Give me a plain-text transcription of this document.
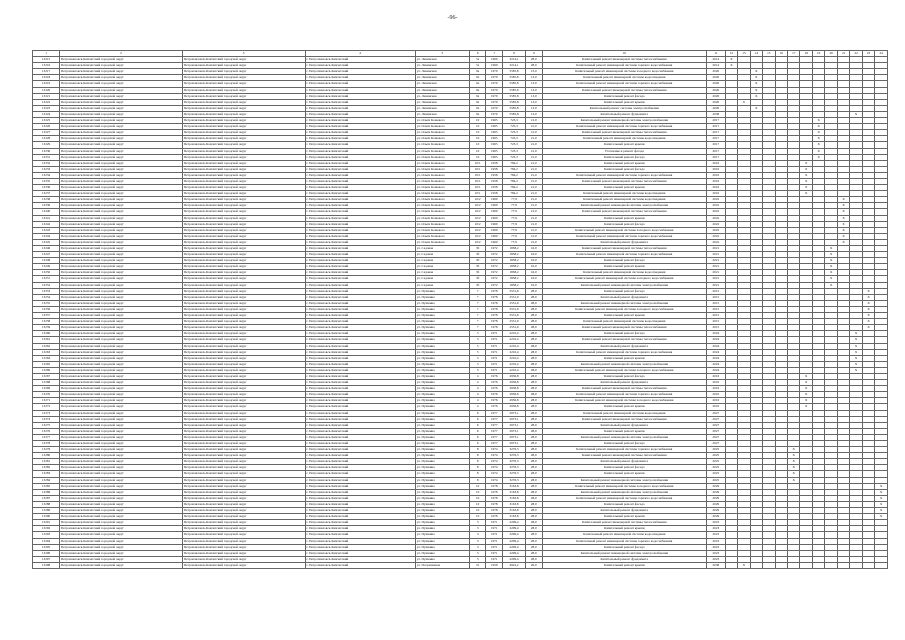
-96-
1	2	3	4	5	6	7	8	9	10	11	12	13	14	15	16	17	18	19	20	21	22	23	24
13215	Петропавловск-Камчатский городской округ	Петропавловск-Камчатский городской округ	г. Петропавловск-Камчатский	ул. Ленинская	5а	1960	3214,1	28,0	Капитальный ремонт инженерной системы теплоснабжения	2014	X												
13216	Петропавловск-Камчатский городской округ	Петропавловск-Камчатский городской округ	г. Петропавловск-Камчатский	ул. Ленинская	5а	1960	3214,1	28,0	Капитальный ремонт инженерной системы горячего водоснабжения	2014	X												
13217	Петропавловск-Камчатский городской округ	Петропавловск-Камчатский городской округ	г. Петропавловск-Камчатский	ул. Ленинская	9а	1970	5585,8	13,0	Капитальный ремонт инженерной системы холодного водоснабжения	2020			X										
13218	Петропавловск-Камчатский городской округ	Петропавловск-Камчатский городской округ	г. Петропавловск-Камчатский	ул. Ленинская	9а	1970	5585,8	13,0	Капитальный ремонт инженерной системы водоотведения	2020			X										
13219	Петропавловск-Камчатский городской округ	Петропавловск-Камчатский городской округ	г. Петропавловск-Камчатский	ул. Ленинская	9а	1970	5585,8	13,0	Капитальный ремонт инженерной системы горячего водоснабжения	2020			X										
13220	Петропавловск-Камчатский городской округ	Петропавловск-Камчатский городской округ	г. Петропавловск-Камчатский	ул. Ленинская	9а	1970	5585,8	13,0	Капитальный ремонт инженерной системы теплоснабжения	2020			X										
13221	Петропавловск-Камчатский городской округ	Петропавловск-Камчатский городской округ	г. Петропавловск-Камчатский	ул. Ленинская	9а	1970	5585,8	13,0	Капитальный ремонт фасада	2020			X										
13222	Петропавловск-Камчатский городской округ	Петропавловск-Камчатский городской округ	г. Петропавловск-Камчатский	ул. Ленинская	9а	1970	5585,8	13,0	Капитальный ремонт крыши	2020		X											
13223	Петропавловск-Камчатский городской округ	Петропавловск-Камчатский городской округ	г. Петропавловск-Камчатский	ул. Ленинская	9а	1970	5585,8	13,0	Капитальный ремонт системы электроснабжения	2020			X										
13224	Петропавловск-Камчатский городской округ	Петропавловск-Камчатский городской округ	г. Петропавловск-Камчатский	ул. Ленинская	9а	1970	5585,8	13,0	Капитальный ремонт фундамента	2038											X		
13225	Петропавловск-Камчатский городской округ	Петропавловск-Камчатский городской округ	г. Петропавловск-Камчатский	ул. Ольги Кошевого	10	1965	723,3	21,0	Капитальный ремонт инженерной системы электроснабжения	2017								X					
13226	Петропавловск-Камчатский городской округ	Петропавловск-Камчатский городской округ	г. Петропавловск-Камчатский	ул. Ольги Кошевого	10	1965	723,3	21,0	Капитальный ремонт инженерной системы горячего водоснабжения	2017								X					
13227	Петропавловск-Камчатский городской округ	Петропавловск-Камчатский городской округ	г. Петропавловск-Камчатский	ул. Ольги Кошевого	10	1965	723,3	21,0	Капитальный ремонт инженерной системы теплоснабжения	2017								X					
13228	Петропавловск-Камчатский городской округ	Петропавловск-Камчатский городской округ	г. Петропавловск-Камчатский	ул. Ольги Кошевого	10	1965	723,3	21,0	Капитальный ремонт инженерной системы водоотведения	2017								X					
13229	Петропавловск-Камчатский городской округ	Петропавловск-Камчатский городской округ	г. Петропавловск-Камчатский	ул. Ольги Кошевого	10	1965	723,3	21,0	Капитальный ремонт крыши	2017								X					
13230	Петропавловск-Камчатский городской округ	Петропавловск-Камчатский городской округ	г. Петропавловск-Камчатский	ул. Ольги Кошевого	10	1965	723,3	21,0	Утепление и ремонт фасада	2017								X					
13231	Петропавловск-Камчатский городской округ	Петропавловск-Камчатский городской округ	г. Петропавловск-Камчатский	ул. Ольги Кошевого	10	1965	723,3	21,0	Капитальный ремонт фасада	2017								X					
13232	Петропавловск-Камчатский городской округ	Петропавловск-Камчатский городской округ	г. Петропавловск-Камчатский	ул. Ольги Кошевого	10/1	1958	784,2	21,0	Капитальный ремонт крыши	2016							X						
13233	Петропавловск-Камчатский городской округ	Петропавловск-Камчатский городской округ	г. Петропавловск-Камчатский	ул. Ольги Кошевого	10/1	1958	784,2	21,0	Капитальный ремонт фасада	2016							X						
13234	Петропавловск-Камчатский городской округ	Петропавловск-Камчатский городской округ	г. Петропавловск-Камчатский	ул. Ольги Кошевого	10/1	1958	784,2	21,0	Капитальный ремонт инженерной системы горячего водоснабжения	2016							X						
13235	Петропавловск-Камчатский городской округ	Петропавловск-Камчатский городской округ	г. Петропавловск-Камчатский	ул. Ольги Кошевого	10/1	1958	784,2	21,0	Капитальный ремонт инженерной системы теплоснабжения	2016							X						
13236	Петропавловск-Камчатский городской округ	Петропавловск-Камчатский городской округ	г. Петропавловск-Камчатский	ул. Ольги Кошевого	10/1	1958	784,2	21,0	Капитальный ремонт крыши	2016							X						
13237	Петропавловск-Камчатский городской округ	Петропавловск-Камчатский городской округ	г. Петропавловск-Камчатский	ул. Ольги Кошевого	10/1	1958	784,2	21,0	Капитальный ремонт инженерной системы водоотведения	2016							X						
13238	Петропавловск-Камчатский городской округ	Петропавловск-Камчатский городской округ	г. Петропавловск-Камчатский	ул. Ольги Кошевого	10/2	1960	77,9	21,0	Капитальный ремонт инженерной системы водоотведения	2022										X			
13239	Петропавловск-Камчатский городской округ	Петропавловск-Камчатский городской округ	г. Петропавловск-Камчатский	ул. Ольги Кошевого	10/2	1960	77,9	21,0	Капитальный ремонт инженерной системы электроснабжения	2022										X			
13240	Петропавловск-Камчатский городской округ	Петропавловск-Камчатский городской округ	г. Петропавловск-Камчатский	ул. Ольги Кошевого	10/2	1960	77,9	21,0	Капитальный ремонт инженерной системы теплоснабжения	2022										X			
13241	Петропавловск-Камчатский городской округ	Петропавловск-Камчатский городской округ	г. Петропавловск-Камчатский	ул. Ольги Кошевого	10/2	1960	77,9	21,0	Капитальный ремонт крыши	2022										X			
13242	Петропавловск-Камчатский городской округ	Петропавловск-Камчатский городской округ	г. Петропавловск-Камчатский	ул. Ольги Кошевого	10/2	1960	77,9	21,0	Капитальный ремонт фасада	2022										X			
13243	Петропавловск-Камчатский городской округ	Петропавловск-Камчатский городской округ	г. Петропавловск-Камчатский	ул. Ольги Кошевого	10/2	1960	77,9	21,0	Капитальный ремонт инженерной системы холодного водоснабжения	2022										X			
13244	Петропавловск-Камчатский городской округ	Петропавловск-Камчатский городской округ	г. Петропавловск-Камчатский	ул. Ольги Кошевого	10/2	1960	77,9	21,0	Капитальный ремонт инженерной системы горячего водоснабжения	2022										X			
13245	Петропавловск-Камчатский городской округ	Петропавловск-Камчатский городской округ	г. Петропавловск-Камчатский	ул. Ольги Кошевого	10/2	1960	77,9	21,0	Капитальный ремонт фундамента	2022										X			
13246	Петропавловск-Камчатский городской округ	Петропавловск-Камчатский городской округ	г. Петропавловск-Камчатский	ул. Садовая	3б	1972	1838,2	16,0	Капитальный ремонт инженерной системы теплоснабжения	2021									X				
13247	Петропавловск-Камчатский городской округ	Петропавловск-Камчатский городской округ	г. Петропавловск-Камчатский	ул. Садовая	3б	1972	1838,2	16,0	Капитальный ремонт инженерной системы горячего водоснабжения	2021									X				
13248	Петропавловск-Камчатский городской округ	Петропавловск-Камчатский городской округ	г. Петропавловск-Камчатский	ул. Садовая	3б	1972	1838,2	16,0	Капитальный ремонт фасада	2021									X				
13249	Петропавловск-Камчатский городской округ	Петропавловск-Камчатский городской округ	г. Петропавловск-Камчатский	ул. Садовая	3б	1972	1838,2	16,0	Капитальный ремонт крыши	2021									X				
13250	Петропавловск-Камчатский городской округ	Петропавловск-Камчатский городской округ	г. Петропавловск-Камчатский	ул. Садовая	3б	1972	1838,2	16,0	Капитальный ремонт инженерной системы водоотведения	2021									X				
13251	Петропавловск-Камчатский городской округ	Петропавловск-Камчатский городской округ	г. Петропавловск-Камчатский	ул. Садовая	3б	1972	1838,2	16,0	Капитальный ремонт инженерной системы холодного водоснабжения	2021									X				
13252	Петропавловск-Камчатский городской округ	Петропавловск-Камчатский городской округ	г. Петропавловск-Камчатский	ул. Садовая	3б	1972	1838,2	16,0	Капитальный ремонт инженерной системы электроснабжения	2021									X				
13253	Петропавловск-Камчатский городской округ	Петропавловск-Камчатский городской округ	г. Петропавловск-Камчатский	ул. Пушкина	7	1978	2531,9	28,0	Капитальный ремонт фасада	2015												X	
13254	Петропавловск-Камчатский городской округ	Петропавловск-Камчатский городской округ	г. Петропавловск-Камчатский	ул. Пушкина	7	1978	2531,9	28,0	Капитальный ремонт фундамента	2015												X	
13255	Петропавловск-Камчатский городской округ	Петропавловск-Камчатский городской округ	г. Петропавловск-Камчатский	ул. Пушкина	7	1978	2531,9	28,0	Капитальный ремонт инженерной системы электроснабжения	2015												X	
13256	Петропавловск-Камчатский городской округ	Петропавловск-Камчатский городской округ	г. Петропавловск-Камчатский	ул. Пушкина	7	1978	2531,9	28,0	Капитальный ремонт инженерной системы холодного водоснабжения	2015												X	
13257	Петропавловск-Камчатский городской округ	Петропавловск-Камчатский городской округ	г. Петропавловск-Камчатский	ул. Пушкина	7	1978	2531,9	28,0	Капитальный ремонт крыши	2015												X	
13258	Петропавловск-Камчатский городской округ	Петропавловск-Камчатский городской округ	г. Петропавловск-Камчатский	ул. Пушкина	7	1978	2531,9	28,0	Капитальный ремонт инженерной системы водоотведения	2015												X	
13259	Петропавловск-Камчатский городской округ	Петропавловск-Камчатский городской округ	г. Петропавловск-Камчатский	ул. Пушкина	7	1978	2531,9	28,0	Капитальный ремонт инженерной системы теплоснабжения	2015												X	
13260	Петропавловск-Камчатский городской округ	Петропавловск-Камчатский городской округ	г. Петропавловск-Камчатский	ул. Пушкина	5	1971	2210,4	28,0	Капитальный ремонт фасада	2024											X		
13261	Петропавловск-Камчатский городской округ	Петропавловск-Камчатский городской округ	г. Петропавловск-Камчатский	ул. Пушкина	5	1971	2210,4	28,0	Капитальный ремонт инженерной системы теплоснабжения	2024											X		
13262	Петропавловск-Камчатский городской округ	Петропавловск-Камчатский городской округ	г. Петропавловск-Камчатский	ул. Пушкина	5	1971	2210,4	28,0	Капитальный ремонт фундамента	2024											X		
13263	Петропавловск-Камчатский городской округ	Петропавловск-Камчатский городской округ	г. Петропавловск-Камчатский	ул. Пушкина	5	1971	2210,4	28,0	Капитальный ремонт инженерной системы горячего водоснабжения	2024											X		
13264	Петропавловск-Камчатский городской округ	Петропавловск-Камчатский городской округ	г. Петропавловск-Камчатский	ул. Пушкина	5	1971	2210,4	28,0	Капитальный ремонт крыши	2024											X		
13265	Петропавловск-Камчатский городской округ	Петропавловск-Камчатский городской округ	г. Петропавловск-Камчатский	ул. Пушкина	5	1971	2210,4	28,0	Капитальный ремонт инженерной системы электроснабжения	2024											X		
13266	Петропавловск-Камчатский городской округ	Петропавловск-Камчатский городской округ	г. Петропавловск-Камчатский	ул. Пушкина	5	1971	2210,4	28,0	Капитальный ремонт инженерной системы холодного водоснабжения	2024											X		
13267	Петропавловск-Камчатский городской округ	Петропавловск-Камчатский городской округ	г. Петропавловск-Камчатский	ул. Пушкина	4	1976	2936,8	28,0	Капитальный ремонт фасада	2016							X						
13268	Петропавловск-Камчатский городской округ	Петропавловск-Камчатский городской округ	г. Петропавловск-Камчатский	ул. Пушкина	4	1976	2936,8	28,0	Капитальный ремонт фундамента	2016							X						
13269	Петропавловск-Камчатский городской округ	Петропавловск-Камчатский городской округ	г. Петропавловск-Камчатский	ул. Пушкина	4	1976	2936,8	28,0	Капитальный ремонт инженерной системы теплоснабжения	2016							X						
13270	Петропавловск-Камчатский городской округ	Петропавловск-Камчатский городской округ	г. Петропавловск-Камчатский	ул. Пушкина	4	1976	2936,8	28,0	Капитальный ремонт инженерной системы горячего водоснабжения	2016							X						
13271	Петропавловск-Камчатский городской округ	Петропавловск-Камчатский городской округ	г. Петропавловск-Камчатский	ул. Пушкина	4	1976	2936,8	28,0	Капитальный ремонт инженерной системы холодного водоснабжения	2016							X						
13272	Петропавловск-Камчатский городской округ	Петропавловск-Камчатский городской округ	г. Петропавловск-Камчатский	ул. Пушкина	4	1976	2936,8	28,0	Капитальный ремонт крыши	2016							X						
13273	Петропавловск-Камчатский городской округ	Петропавловск-Камчатский городской округ	г. Петропавловск-Камчатский	ул. Пушкина	6	1977	2973,1	28,0	Капитальный ремонт инженерной системы водоотведения	2027													
13274	Петропавловск-Камчатский городской округ	Петропавловск-Камчатский городской округ	г. Петропавловск-Камчатский	ул. Пушкина	6	1977	2973,1	28,0	Капитальный ремонт инженерной системы теплоснабжения	2027													
13275	Петропавловск-Камчатский городской округ	Петропавловск-Камчатский городской округ	г. Петропавловск-Камчатский	ул. Пушкина	6	1977	2973,1	28,0	Капитальный ремонт фундамента	2027													
13276	Петропавловск-Камчатский городской округ	Петропавловск-Камчатский городской округ	г. Петропавловск-Камчатский	ул. Пушкина	6	1977	2973,1	28,0	Капитальный ремонт крыши	2027													
13277	Петропавловск-Камчатский городской округ	Петропавловск-Камчатский городской округ	г. Петропавловск-Камчатский	ул. Пушкина	6	1977	2973,1	28,0	Капитальный ремонт инженерной системы электроснабжения	2027													
13278	Петропавловск-Камчатский городской округ	Петропавловск-Камчатский городской округ	г. Петропавловск-Камчатский	ул. Пушкина	6	1977	2973,1	28,0	Капитальный ремонт фасада	2027													
13279	Петропавловск-Камчатский городской округ	Петропавловск-Камчатский городской округ	г. Петропавловск-Камчатский	ул. Пушкина	8	1974	3276,3	28,0	Капитальный ремонт инженерной системы горячего водоснабжения	2025						X							
13280	Петропавловск-Камчатский городской округ	Петропавловск-Камчатский городской округ	г. Петропавловск-Камчатский	ул. Пушкина	8	1974	3276,3	28,0	Капитальный ремонт инженерной системы теплоснабжения	2025						X							
13281	Петропавловск-Камчатский городской округ	Петропавловск-Камчатский городской округ	г. Петропавловск-Камчатский	ул. Пушкина	8	1974	3276,3	28,0	Капитальный ремонт фундамента	2025						X							
13282	Петропавловск-Камчатский городской округ	Петропавловск-Камчатский городской округ	г. Петропавловск-Камчатский	ул. Пушкина	8	1974	3276,3	28,0	Капитальный ремонт фасада	2025						X							
13283	Петропавловск-Камчатский городской округ	Петропавловск-Камчатский городской округ	г. Петропавловск-Камчатский	ул. Пушкина	8	1974	3276,3	28,0	Капитальный ремонт крыши	2025						X							
13284	Петропавловск-Камчатский городской округ	Петропавловск-Камчатский городской округ	г. Петропавловск-Камчатский	ул. Пушкина	8	1974	3276,3	28,0	Капитальный ремонт инженерной системы электроснабжения	2025						X							
13285	Петропавловск-Камчатский городской округ	Петропавловск-Камчатский городской округ	г. Петропавловск-Камчатский	ул. Пушкина	10	1978	3163,8	28,0	Капитальный ремонт инженерной системы холодного водоснабжения	2029													X
13286	Петропавловск-Камчатский городской округ	Петропавловск-Камчатский городской округ	г. Петропавловск-Камчатский	ул. Пушкина	10	1978	3163,8	28,0	Капитальный ремонт инженерной системы электроснабжения	2029													X
13287	Петропавловск-Камчатский городской округ	Петропавловск-Камчатский городской округ	г. Петропавловск-Камчатский	ул. Пушкина	10	1978	3163,8	28,0	Капитальный ремонт инженерной системы горячего водоснабжения	2029													X
13288	Петропавловск-Камчатский городской округ	Петропавловск-Камчатский городской округ	г. Петропавловск-Камчатский	ул. Пушкина	10	1978	3163,8	28,0	Капитальный ремонт фасада	2029													X
13289	Петропавловск-Камчатский городской округ	Петропавловск-Камчатский городской округ	г. Петропавловск-Камчатский	ул. Пушкина	10	1978	3163,8	28,0	Капитальный ремонт фундамента	2029													X
13290	Петропавловск-Камчатский городской округ	Петропавловск-Камчатский городской округ	г. Петропавловск-Камчатский	ул. Пушкина	10	1978	3163,8	28,0	Капитальный ремонт крыши	2029													X
13291	Петропавловск-Камчатский городской округ	Петропавловск-Камчатский городской округ	г. Петропавловск-Камчатский	ул. Пушкина	3	1971	2209,4	28,0	Капитальный ремонт инженерной системы теплоснабжения	2023													
13292	Петропавловск-Камчатский городской округ	Петропавловск-Камчатский городской округ	г. Петропавловск-Камчатский	ул. Пушкина	3	1971	2209,4	28,0	Капитальный ремонт крыши	2023													
13293	Петропавловск-Камчатский городской округ	Петропавловск-Камчатский городской округ	г. Петропавловск-Камчатский	ул. Пушкина	3	1971	2209,4	28,0	Капитальный ремонт инженерной системы водоотведения	2023													
13294	Петропавловск-Камчатский городской округ	Петропавловск-Камчатский городской округ	г. Петропавловск-Камчатский	ул. Пушкина	3	1971	2209,4	28,0	Капитальный ремонт инженерной системы горячего водоснабжения	2023													
13295	Петропавловск-Камчатский городской округ	Петропавловск-Камчатский городской округ	г. Петропавловск-Камчатский	ул. Пушкина	3	1971	2209,4	28,0	Капитальный ремонт фасада	2023													
13296	Петропавловск-Камчатский городской округ	Петропавловск-Камчатский городской округ	г. Петропавловск-Камчатский	ул. Пушкина	3	1971	2209,4	28,0	Капитальный ремонт инженерной системы электроснабжения	2023													
13297	Петропавловск-Камчатский городской округ	Петропавловск-Камчатский городской округ	г. Петропавловск-Камчатский	ул. Пушкина	3	1971	2209,4	28,0	Капитальный ремонт фундамента	2023													
13298	Петропавловск-Камчатский городской округ	Петропавловск-Камчатский городской округ	г. Петропавловск-Камчатский	ул. Пограничная	31	1959	4922,2	26,0	Капитальный ремонт крыши	2038		X											
